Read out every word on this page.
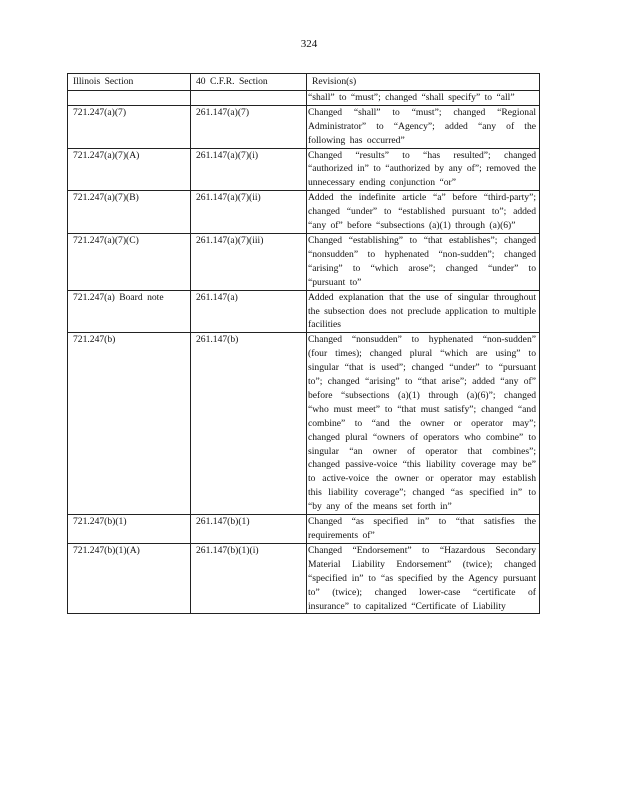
324
Illinois Section	40 C.F.R. Section	Revision(s)
		“shall” to “must”; changed “shall specify” to “all”
721.247(a)(7)	261.147(a)(7)	Changed “shall” to “must”; changed “Regional Administrator” to “Agency”; added “any of the following has occurred”
721.247(a)(7)(A)	261.147(a)(7)(i)	Changed “results” to “has resulted”; changed “authorized in” to “authorized by any of”; removed the unnecessary ending conjunction “or”
721.247(a)(7)(B)	261.147(a)(7)(ii)	Added the indefinite article “a” before “third-party”; changed “under” to “established pursuant to”; added “any of” before “subsections (a)(1) through (a)(6)”
721.247(a)(7)(C)	261.147(a)(7)(iii)	Changed “establishing” to “that establishes”; changed “nonsudden” to hyphenated “non-sudden”; changed “arising” to “which arose”; changed “under” to “pursuant to”
721.247(a) Board note	261.147(a)	Added explanation that the use of singular throughout the subsection does not preclude application to multiple facilities
721.247(b)	261.147(b)	Changed “nonsudden” to hyphenated “non-sudden” (four times); changed plural “which are using” to singular “that is used”; changed “under” to “pursuant to”; changed “arising” to “that arise”; added “any of” before “subsections (a)(1) through (a)(6)”; changed “who must meet” to “that must satisfy”; changed “and combine” to “and the owner or operator may”; changed plural “owners of operators who combine” to singular “an owner of operator that combines”; changed passive-voice “this liability coverage may be” to active-voice the owner or operator may establish this liability coverage”; changed “as specified in” to “by any of the means set forth in”
721.247(b)(1)	261.147(b)(1)	Changed “as specified in” to “that satisfies the requirements of”
721.247(b)(1)(A)	261.147(b)(1)(i)	Changed “Endorsement” to “Hazardous Secondary Material Liability Endorsement” (twice); changed “specified in” to “as specified by the Agency pursuant to” (twice); changed lower-case “certificate of insurance” to capitalized “Certificate of Liability
